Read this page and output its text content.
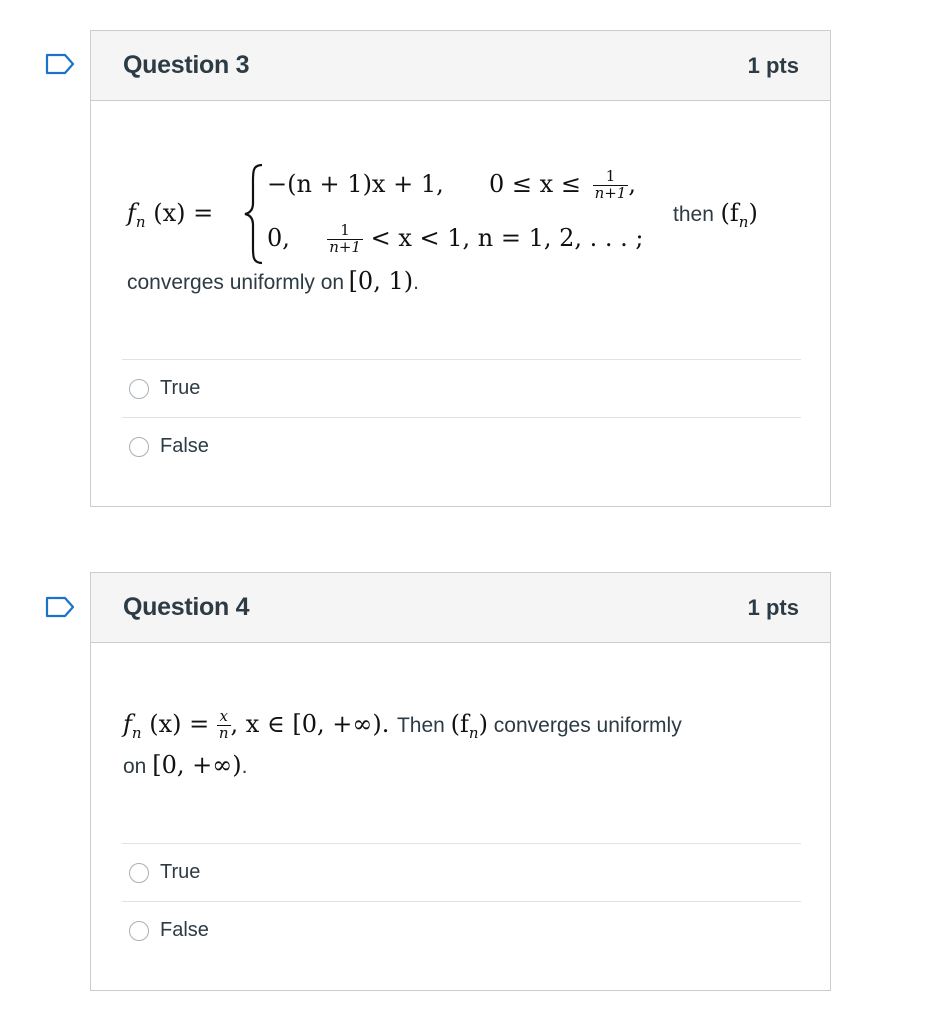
Question 3	1 pts
$f_n$ (x) =
−(n + 1)x + 1, $0 \le x \le \frac{1}{n+1}$ ,
0, $\frac{1}{n+1} < x < 1$, n = 1, 2, . . . ;
then $(f_n)$
converges uniformly on [0, 1).
True
False
Question 4	1 pts
$f_n$ $(x) = \frac{x}{n}$ , x ∈ [0, +∞). Then $(f_n)$ converges uniformly
on [0, +∞).
True
False
